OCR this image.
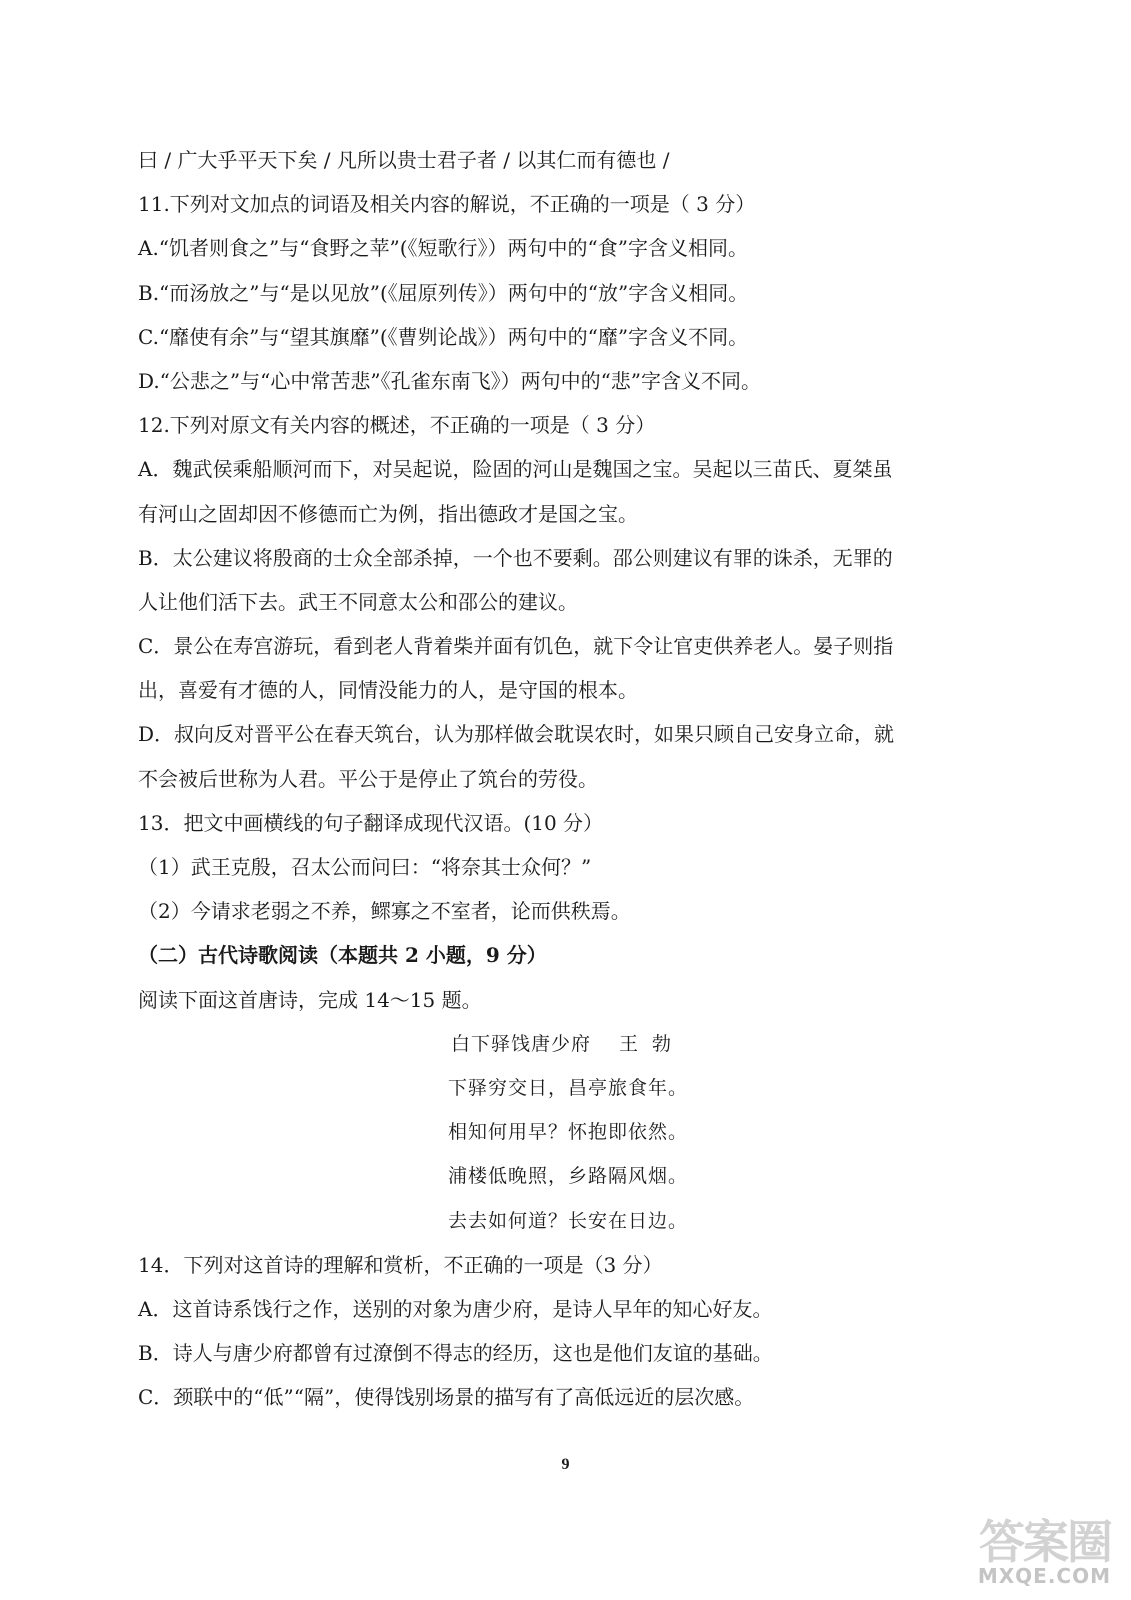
曰 / 广大乎平天下矣 / 凡所以贵士君子者 / 以其仁而有德也 /
11.下列对文加点的词语及相关内容的解说，不正确的一项是（ 3 分）
A.“饥者则食之”与“食野之苹”(《短歌行》）两句中的“食”字含义相同。
B.“而汤放之”与“是以见放”(《屈原列传》）两句中的“放”字含义相同。
C.“靡使有余”与“望其旗靡”(《曹刿论战》）两句中的“靡”字含义不同。
D.“公悲之”与“心中常苦悲”《孔雀东南飞》）两句中的“悲”字含义不同。
12.下列对原文有关内容的概述，不正确的一项是（ 3 分）
A．魏武侯乘船顺河而下，对吴起说，险固的河山是魏国之宝。吴起以三苗氏、夏桀虽
有河山之固却因不修德而亡为例，指出德政才是国之宝。
B．太公建议将殷商的士众全部杀掉，一个也不要剩。邵公则建议有罪的诛杀，无罪的
人让他们活下去。武王不同意太公和邵公的建议。
C．景公在寿宫游玩，看到老人背着柴并面有饥色，就下令让官吏供养老人。晏子则指
出，喜爱有才德的人，同情没能力的人，是守国的根本。
D．叔向反对晋平公在春天筑台，认为那样做会耽误农时，如果只顾自己安身立命，就
不会被后世称为人君。平公于是停止了筑台的劳役。
13．把文中画横线的句子翻译成现代汉语。(10 分）
（1）武王克殷，召太公而问曰：“将奈其士众何？”
（2）今请求老弱之不养，鳏寡之不室者，论而供秩焉。
（二）古代诗歌阅读（本题共 2 小题，9 分）
阅读下面这首唐诗，完成 14～15 题。
白下驿饯唐少府 王勃
下驿穷交日，昌亭旅食年。
相知何用早？怀抱即依然。
浦楼低晚照，乡路隔风烟。
去去如何道？长安在日边。
14．下列对这首诗的理解和赏析，不正确的一项是（3 分）
A．这首诗系饯行之作，送别的对象为唐少府，是诗人早年的知心好友。
B．诗人与唐少府都曾有过潦倒不得志的经历，这也是他们友谊的基础。
C．颈联中的“低”“隔”，使得饯别场景的描写有了高低远近的层次感。
9
答案圈
MXQE.COM
